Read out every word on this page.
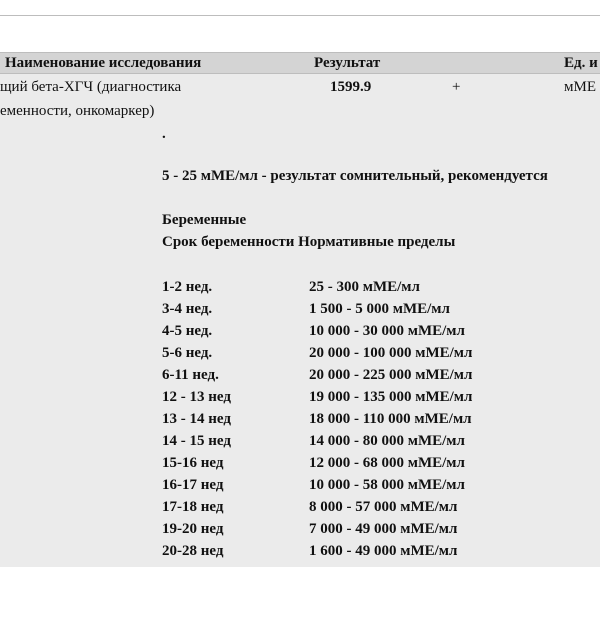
Наименование исследования	Результат	Ед. и
щий бета-ХГЧ (диагностика
еменности, онкомаркер)
1599.9	+	мМЕ
.
5 - 25 мМЕ/мл - результат сомнительный, рекомендуется
Беременные
Срок беременности Нормативные пределы
1-2 нед.	25 - 300 мМЕ/мл
3-4 нед.	1 500 - 5 000 мМЕ/мл
4-5 нед.	10 000 - 30 000 мМЕ/мл
5-6 нед.	20 000 - 100 000 мМЕ/мл
6-11 нед.	20 000 - 225 000 мМЕ/мл
12 - 13 нед	19 000 - 135 000 мМЕ/мл
13 - 14 нед	18 000 - 110 000 мМЕ/мл
14 - 15 нед	14 000 - 80 000 мМЕ/мл
15-16 нед	12 000 - 68 000 мМЕ/мл
16-17 нед	10 000 - 58 000 мМЕ/мл
17-18 нед	8 000 - 57 000 мМЕ/мл
19-20 нед	7 000 - 49 000 мМЕ/мл
20-28 нед	1 600 - 49 000 мМЕ/мл
